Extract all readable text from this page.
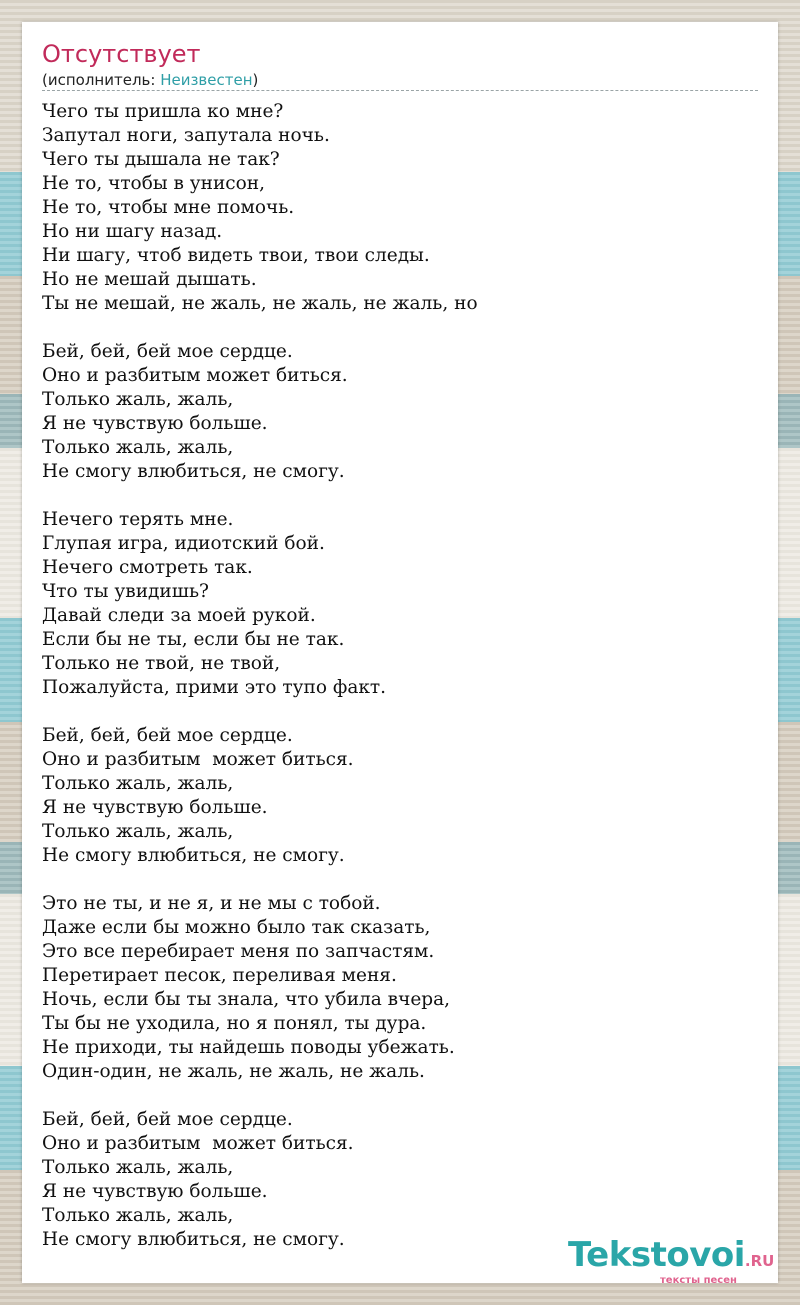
Отсутствует
(исполнитель: Неизвестен)
Чего ты пришла ко мне?
Запутал ноги, запутала ночь.
Чего ты дышала не так?
Не то, чтобы в унисон,
Не то, чтобы мне помочь.
Но ни шагу назад.
Ни шагу, чтоб видеть твои, твои следы.
Но не мешай дышать.
Ты не мешай, не жаль, не жаль, не жаль, но
Бей, бей, бей мое сердце.
Оно и разбитым может биться.
Только жаль, жаль,
Я не чувствую больше.
Только жаль, жаль,
Не смогу влюбиться, не смогу.
Нечего терять мне.
Глупая игра, идиотский бой.
Нечего смотреть так.
Что ты увидишь?
Давай следи за моей рукой.
Если бы не ты, если бы не так.
Только не твой, не твой,
Пожалуйста, прими это тупо факт.
Бей, бей, бей мое сердце.
Оно и разбитым  может биться.
Только жаль, жаль,
Я не чувствую больше.
Только жаль, жаль,
Не смогу влюбиться, не смогу.
Это не ты, и не я, и не мы с тобой.
Даже если бы можно было так сказать,
Это все перебирает меня по запчастям.
Перетирает песок, переливая меня.
Ночь, если бы ты знала, что убила вчера,
Ты бы не уходила, но я понял, ты дура.
Не приходи, ты найдешь поводы убежать.
Один-один, не жаль, не жаль, не жаль.
Бей, бей, бей мое сердце.
Оно и разбитым  может биться.
Только жаль, жаль,
Я не чувствую больше.
Только жаль, жаль,
Не смогу влюбиться, не смогу.	Tekstovoi.RU
тексты песен
